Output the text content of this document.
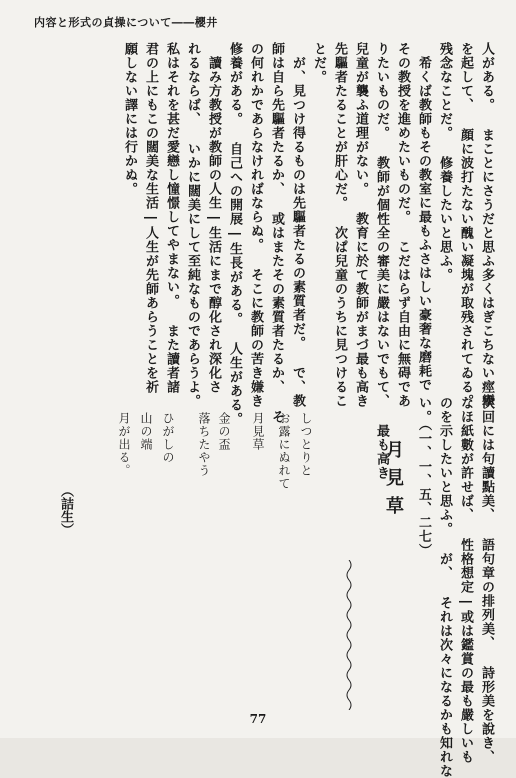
内容と形式の貞操について――櫻井
人がある。 まことにさうだと思ふ多くはぎこちない痙攣
を起して、 顔に波打たない醜い凝塊が取残されてゐる。
残念なことだ。 修養したいと思ふ。
　希くば教師もその教室に最もふさはしい豪奢な磨耗で
その教授を進めたいものだ。 こだはらず自由に無碍であ
りたいものだ。 教師が個性全の審美に嚴はないでもて、 最も高き
兒童が襲ふ道理がない。 教育に於て教師がまづ最も高き
先驅者たることが肝心だ。 次ぱ兒童のうちに見つけるこ
とだ。
　が、見つけ得るものは先驅者たるの素質者だ。 で、教
師は自ら先驅者たるか、 或はまたその素質者たるか、 そ
の何れかであらなければならぬ。 そこに教師の苦き嫌き
修養がある。 自己への開展―生長がある。 人生がある。
　讀み方教授が教師の人生―生活にまで醇化され深化さ
れるならば、 いかに闊美にして至純なものであらうよ。
私はそれを甚だ愛戀し憧憬してやまない。 また讀者諸
君の上にもこの闊美な生活―人生が先師あらうことを祈
願しない譯には行かぬ。
次回には句讀點美、 語句章の排列美、 詩形美を說き、
なほ紙數が許せば、 性格想定―或は鑑賞の最も嚴しいも
のを示したいと思ふ。 が、 それは次々になるかも知れな
い。（一、一、五、二七）
月見草
しつとりと
お露にぬれて
月見草
金の盃
落ちたやう
ひがしの
山の端
月が出る。
（詰生）
77
